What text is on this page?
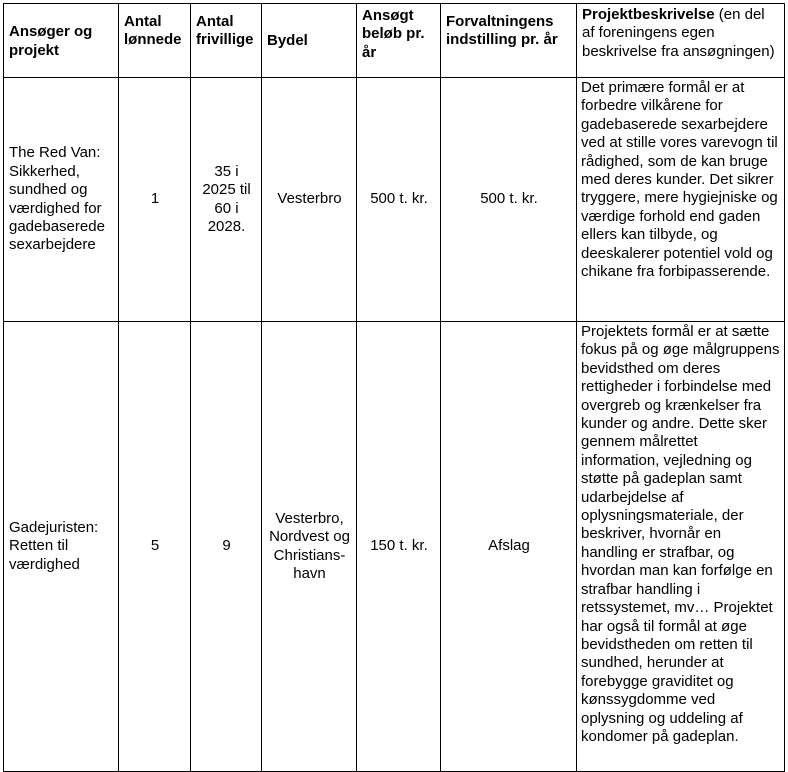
Ansøger og projekt	Antal lønnede	Antal frivillige	Bydel	Ansøgt beløb pr. år	Forvaltningens indstilling pr. år	Projektbeskrivelse (en del af foreningens egen beskrivelse fra ansøgningen)
The Red Van: Sikkerhed, sundhed og værdighed for gadebaserede sexarbejdere	1	35 i 2025 til 60 i 2028.	Vesterbro	500 t. kr.	500 t. kr.	Det primære formål er at forbedre vilkårene for gadebaserede sexarbejdere ved at stille vores varevogn til rådighed, som de kan bruge med deres kunder. Det sikrer tryggere, mere hygiejniske og værdige forhold end gaden ellers kan tilbyde, og deeskalerer potentiel vold og chikane fra forbipasserende.
Gadejuristen: Retten til værdighed	5	9	Vesterbro, Nordvest og Christians-havn	150 t. kr.	Afslag	Projektets formål er at sætte fokus på og øge målgruppens bevidsthed om deres rettigheder i forbindelse med overgreb og krænkelser fra kunder og andre. Dette sker gennem målrettet information, vejledning og støtte på gadeplan samt udarbejdelse af oplysningsmateriale, der beskriver, hvornår en handling er strafbar, og hvordan man kan forfølge en strafbar handling i retssystemet, mv… Projektet har også til formål at øge bevidstheden om retten til sundhed, herunder at forebygge graviditet og kønssygdomme ved oplysning og uddeling af kondomer på gadeplan.
